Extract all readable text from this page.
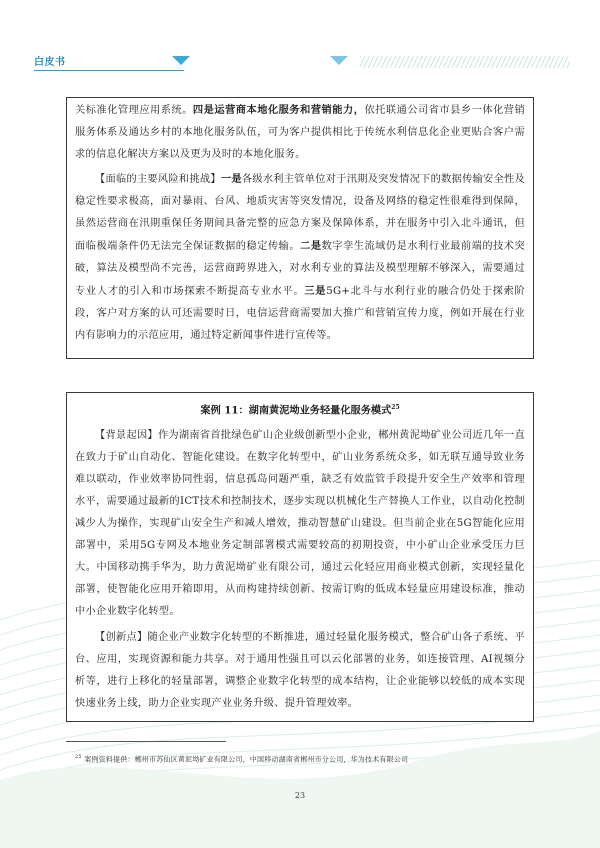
白皮书

关标准化管理应用系统。四是运营商本地化服务和营销能力，依托联通公司省市县乡一体化营销服务体系及通达乡村的本地化服务队伍，可为客户提供相比于传统水利信息化企业更贴合客户需求的信息化解决方案以及更为及时的本地化服务。

【面临的主要风险和挑战】一是各级水利主管单位对于汛期及突发情况下的数据传输安全性及稳定性要求极高，面对暴雨、台风、地质灾害等突发情况，设备及网络的稳定性很难得到保障，虽然运营商在汛期重保任务期间具备完整的应急方案及保障体系，并在服务中引入北斗通讯，但面临极端条件仍无法完全保证数据的稳定传输。二是数字孪生流域仍是水利行业最前端的技术突破，算法及模型尚不完善，运营商跨界进入，对水利专业的算法及模型理解不够深入，需要通过专业人才的引入和市场探索不断提高专业水平。三是5G+北斗与水利行业的融合仍处于探索阶段，客户对方案的认可还需要时日，电信运营商需要加大推广和营销宣传力度，例如开展在行业内有影响力的示范应用，通过特定新闻事件进行宣传等。

案例 11：湖南黄泥坳业务轻量化服务模式$^{25}$

【背景起因】作为湖南省首批绿色矿山企业级创新型小企业，郴州黄泥坳矿业公司近几年一直在致力于矿山自动化、智能化建设。在数字化转型中，矿山业务系统众多，如无联互通导致业务难以联动，作业效率协同性弱，信息孤岛问题严重，缺乏有效监管手段提升安全生产效率和管理水平，需要通过最新的ICT技术和控制技术，逐步实现以机械化生产替换人工作业，以自动化控制减少人为操作，实现矿山安全生产和减人增效，推动智慧矿山建设。但当前企业在5G智能化应用部署中，采用5G专网及本地业务定制部署模式需要较高的初期投资，中小矿山企业承受压力巨大。中国移动携手华为，助力黄泥坳矿业有限公司，通过云化轻应用商业模式创新，实现轻量化部署，使智能化应用开箱即用，从而构建持续创新、按需订购的低成本轻量应用建设标准，推动中小企业数字化转型。

【创新点】随企业产业数字化转型的不断推进，通过轻量化服务模式，整合矿山各子系统、平台、应用，实现资源和能力共享。对于通用性强且可以云化部署的业务，如连接管理、AI视频分析等，进行上移化的轻量部署，调整企业数字化转型的成本结构，让企业能够以较低的成本实现快速业务上线，助力企业实现产业业务升级、提升管理效率。

$^{25}$ 案例资料提供：郴州市苏仙区黄泥坳矿业有限公司，中国移动湖南省郴州市分公司，华为技术有限公司
23
